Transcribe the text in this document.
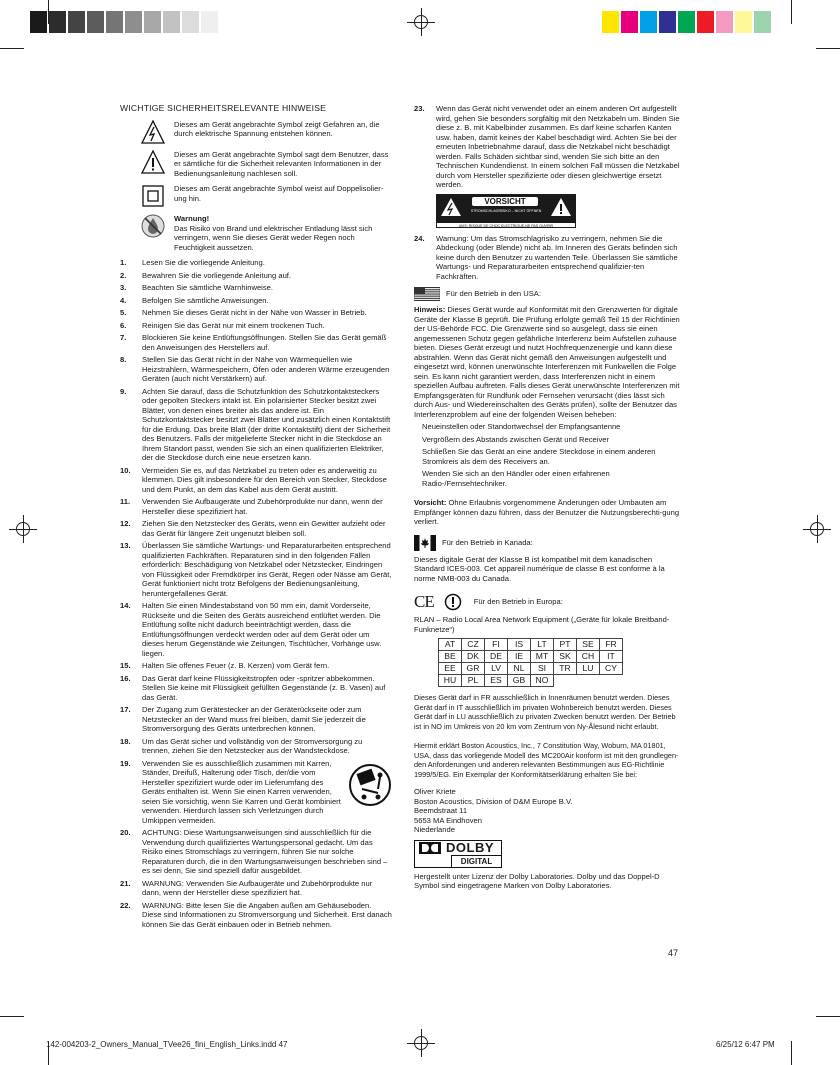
WICHTIGE SICHERHEITSRELEVANTE HINWEISE
Dieses am Gerät angebrachte Symbol zeigt Gefahren an, die durch elektrische Spannung entstehen können.
Dieses am Gerät angebrachte Symbol sagt dem Benutzer, dass er sämtliche für die Sicherheit relevanten Informationen in der Bedienungsanleitung nachlesen soll.
Dieses am Gerät angebrachte Symbol weist auf Doppelisolier-ung hin.
Warnung!
Das Risiko von Brand und elektrischer Entladung lässt sich verringern, wenn Sie dieses Gerät weder Regen noch Feuchtigkeit aussetzen.
1.	Lesen Sie die vorliegende Anleitung.
2.	Bewahren Sie die vorliegende Anleitung auf.
3.	Beachten Sie sämtliche Warnhinweise.
4.	Befolgen Sie sämtliche Anweisungen.
5.	Nehmen Sie dieses Gerät nicht in der Nähe von Wasser in Betrieb.
6.	Reinigen Sie das Gerät nur mit einem trockenen Tuch.
7.	Blockieren Sie keine Entlüftungsöffnungen. Stellen Sie das Gerät gemäß den Anweisungen des Herstellers auf.
8.	Stellen Sie das Gerät nicht in der Nähe von Wärmequellen wie Heizstrahlern, Wärmespeichern, Öfen oder anderen Wärme erzeugenden Geräten (auch nicht Verstärkern) auf.
9.	Achten Sie darauf, dass die Schutzfunktion des Schutzkontaktsteckers oder gepolten Steckers intakt ist. Ein polarisierter Stecker besitzt zwei Blätter, von denen eines breiter als das andere ist. Ein Schutzkontaktstecker besitzt zwei Blätter und zusätzlich einen Kontaktstift für die Erdung. Das breite Blatt (der dritte Kontaktstift) dient der Sicherheit des Benutzers. Falls der mitgelieferte Stecker nicht in die Steckdose an Ihrem Standort passt, wenden Sie sich an einen qualifizierten Elektriker, der die Steckdose durch eine neue ersetzen kann.
10.	Vermeiden Sie es, auf das Netzkabel zu treten oder es anderweitig zu klemmen. Dies gilt insbesondere für den Bereich von Stecker, Steckdose und dem Punkt, an dem das Kabel aus dem Gerät austritt.
11.	Verwenden Sie Aufbaugeräte und Zubehörprodukte nur dann, wenn der Hersteller diese spezifiziert hat.
12.	Ziehen Sie den Netzstecker des Geräts, wenn ein Gewitter aufzieht oder das Gerät für längere Zeit ungenutzt bleiben soll.
13.	Überlassen Sie sämtliche Wartungs- und Reparaturarbeiten entsprechend qualifizierten Fachkräften. Reparaturen sind in den folgenden Fällen erforderlich: Beschädigung von Netzkabel oder Netzstecker, Eindringen von Flüssigkeit oder Fremdkörper ins Gerät, Regen oder Nässe am Gerät, Gerät funktioniert nicht trotz Befolgens der Bedienungsanleitung, heruntergefallenes Gerät.
14.	Halten Sie einen Mindestabstand von 50 mm ein, damit Vorderseite, Rückseite und die Seiten des Geräts ausreichend entlüftet werden. Die Entlüftung sollte nicht dadurch beeinträchtigt werden, dass die Entlüftungsöffnungen verdeckt werden oder auf dem Gerät oder um dieses herum Gegenstände wie Zeitungen, Tischtücher, Vorhänge usw. liegen.
15.	Halten Sie offenes Feuer (z. B. Kerzen) vom Gerät fern.
16.	Das Gerät darf keine Flüssigkeitstropfen oder -spritzer abbekommen. Stellen Sie keine mit Flüssigkeit gefüllten Gegenstände (z. B. Vasen) auf das Gerät.
17.	Der Zugang zum Gerätestecker an der Geräterückseite oder zum Netzstecker an der Wand muss frei bleiben, damit Sie jederzeit die Stromversorgung des Geräts unterbrechen können.
18.	Um das Gerät sicher und vollständig von der Stromversorgung zu trennen, ziehen Sie den Netzstecker aus der Wandsteckdose.
19.	Verwenden Sie es ausschließlich zusammen mit Karren, Ständer, Dreifuß, Halterung oder Tisch, der/die vom Hersteller spezifiziert wurde oder im Lieferumfang des Geräts enthalten ist. Wenn Sie einen Karren verwenden, seien Sie vorsichtig, wenn Sie Karren und Gerät kombiniert verwenden. Hierdurch lassen sich Verletzungen durch Umkippen vermeiden.
20.	ACHTUNG: Diese Wartungsanweisungen sind ausschließlich für die Verwendung durch qualifiziertes Wartungspersonal gedacht. Um das Risiko eines Stromschlags zu verringern, führen Sie nur solche Reparaturen durch, die in den Wartungsanweisungen beschrieben sind – es sei denn, Sie sind speziell dafür ausgebildet.
21.	WARNUNG: Verwenden Sie Aufbaugeräte und Zubehörprodukte nur dann, wenn der Hersteller diese spezifiziert hat.
22.	WARNUNG: Bitte lesen Sie die Angaben außen am Gehäuseboden. Diese sind Informationen zu Stromversorgung und Sicherheit. Erst danach können Sie das Gerät einbauen oder in Betrieb nehmen.
23.	Wenn das Gerät nicht verwendet oder an einem anderen Ort aufgestellt wird, gehen Sie besonders sorgfältig mit den Netzkabeln um. Binden Sie diese z. B. mit Kabelbinder zusammen. Es darf keine scharfen Kanten usw. haben, damit keines der Kabel beschädigt wird. Achten Sie bei der erneuten Inbetriebnahme darauf, dass die Netzkabel nicht beschädigt werden. Falls Schäden sichtbar sind, wenden Sie sich bitte an den Technischen Kundendienst. In einem solchen Fall müssen die Netzkabel durch vom Hersteller spezifizierte oder diesen gleichwertige ersetzt werden.
VORSICHT
STROMSCHLAGRISIKO – NICHT ÖFFNEN
AVIS: RISQUE DE CHOC ELECTRIQUE-NE PAS OUVRIR
24.	Warnung: Um das Stromschlagrisiko zu verringern, nehmen Sie die Abdeckung (oder Blende) nicht ab. Im Inneren des Geräts befinden sich keine durch den Benutzer zu wartenden Teile. Überlassen Sie sämtliche Wartungs- und Reparaturarbeiten entsprechend qualifizier-ten Fachkräften.
Für den Betrieb in den USA:

Hinweis: Dieses Gerät wurde auf Konformität mit den Grenzwerten für digitale Geräte der Klasse B geprüft. Die Prüfung erfolgte gemäß Teil 15 der Richtlinien der US-Behörde FCC. Die Grenzwerte sind so ausgelegt, dass sie einen angemessenen Schutz gegen gefährliche Interferenz beim Aufstellen zuhause bieten. Dieses Gerät erzeugt und nutzt Hochfrequenzenergie und kann diese abstrahlen. Wenn das Gerät nicht gemäß den Anweisungen aufgestellt und eingesetzt wird, können unerwünschte Interferenzen mit Funkwellen die Folge sein. Es kann nicht garantiert werden, dass Interferenzen nicht in einem speziellen Aufbau auftreten. Falls dieses Gerät unerwünschte Interferenzen mit Empfangsgeräten für Rundfunk oder Fernsehen verursacht (dies lässt sich durch Aus- und Wiedereinschalten des Geräts prüfen), sollte der Benutzer das Interferenzproblem auf eine der folgenden Weisen beheben:

Neueinstellen oder Standortwechsel der Empfangsantenne
Vergrößern des Abstands zwischen Gerät und Receiver
Schließen Sie das Gerät an eine andere Steckdose in einem anderen Stromkreis als dem des Receivers an.
Wenden Sie sich an den Händler oder einen erfahrenen Radio-/Fernsehtechniker.

Vorsicht: Ohne Erlaubnis vorgenommene Änderungen oder Umbauten am Empfänger können dazu führen, dass der Benutzer die Nutzungsberechti-gung verliert.

Für den Betrieb in Kanada:

Dieses digitale Gerät der Klasse B ist kompatibel mit dem kanadischen Standard ICES-003. Cet appareil numérique de classe B est conforme à la norme NMB-003 du Canada.

CE	Für den Betrieb in Europa:

RLAN – Radio Local Area Network Equipment („Geräte für lokale Breitband-Funknetze“)

AT	CZ	FI	IS	LT	PT	SE	FR
BE	DK	DE	IE	MT	SK	CH	IT
EE	GR	LV	NL	SI	TR	LU	CY
HU	PL	ES	GB	NO			

Dieses Gerät darf in FR ausschließlich in Innenräumen benutzt werden. Dieses Gerät darf in IT ausschließlich im privaten Wohnbereich benutzt werden. Dieses Gerät darf in LU ausschließlich zu privaten Zwecken benutzt werden. Der Betrieb ist in NO im Umkreis von 20 km vom Zentrum von Ny-Ålesund nicht erlaubt.

Hiermit erklärt Boston Acoustics, Inc., 7 Constitution Way, Woburn, MA 01801, USA, dass das vorliegende Modell des MC200Air konform ist mit den grundlegen-den Anforderungen und anderen relevanten Bestimmungen aus EG-Richtlinie 1999/5/EG. Ein Exemplar der Konformitätserklärung erhalten Sie bei:

Oliver Kriete
Boston Acoustics, Division of D&M Europe B.V.
Beemdstraat 11
5653 MA Eindhoven
Niederlande
DOLBY
DIGITAL

Hergestellt unter Lizenz der Dolby Laboratories. Dolby und das Doppel-D Symbol sind eingetragene Marken von Dolby Laboratories.

47
142-004203-2_Owners_Manual_TVee26_fini_English_Links.indd 47	6/25/12 6:47 PM
